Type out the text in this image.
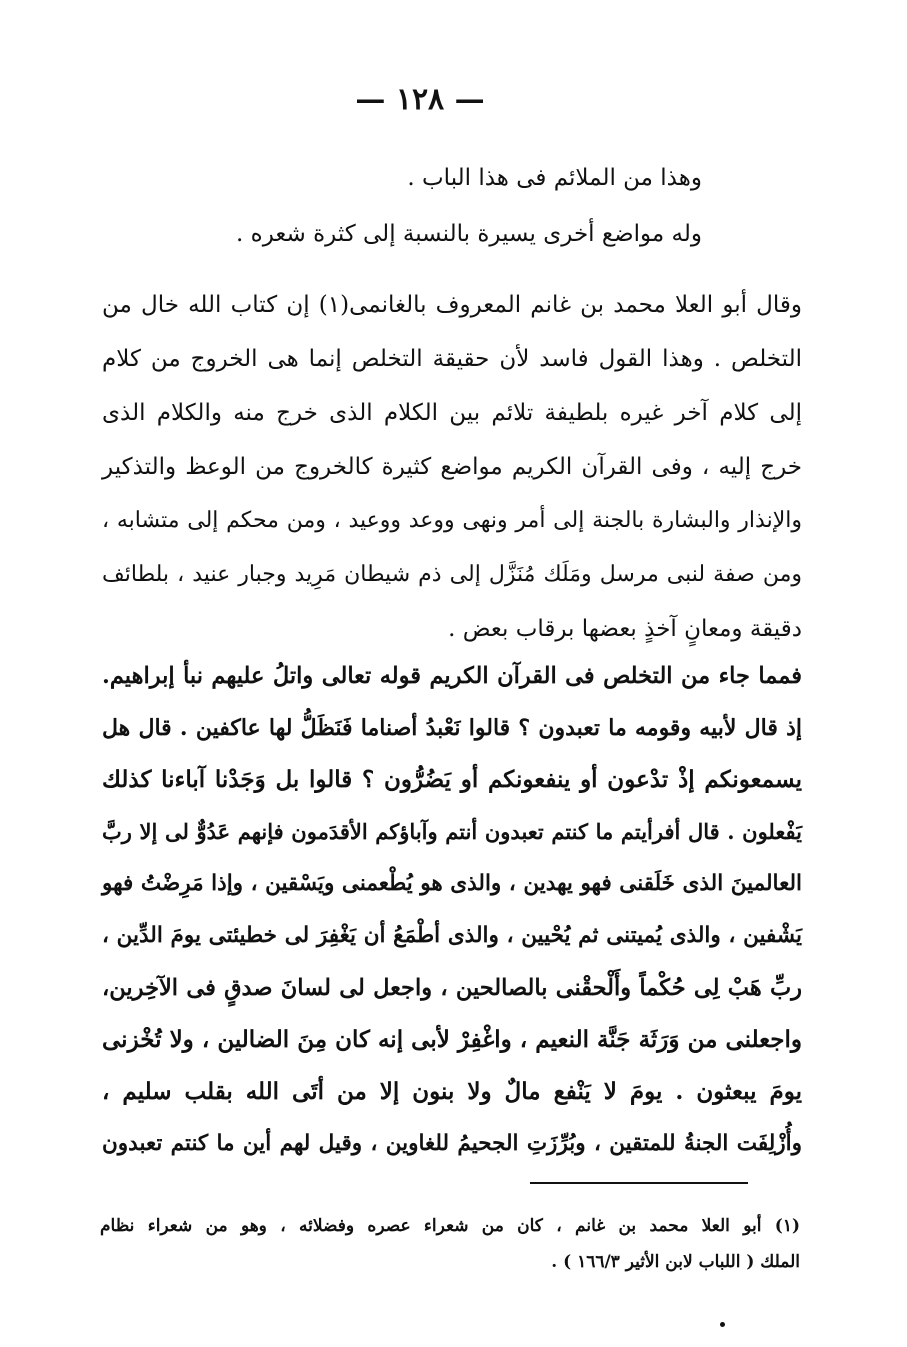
— ١٢٨ —
وهذا من الملائم فى هذا الباب .
وله مواضع أخرى يسيرة بالنسبة إلى كثرة شعره .
وقال أبو العلا محمد بن غانم المعروف بالغانمى(١) إن كتاب الله خال من
التخلص . وهذا القول فاسد لأن حقيقة التخلص إنما هى الخروج من كلام
إلى كلام آخر غيره بلطيفة تلائم بين الكلام الذى خرج منه والكلام الذى
خرج إليه ، وفى القرآن الكريم مواضع كثيرة كالخروج من الوعظ والتذكير
والإنذار والبشارة بالجنة إلى أمر ونهى ووعد ووعيد ، ومن محكم إلى متشابه ،
ومن صفة لنبى مرسل ومَلَك مُنَزَّل إلى ذم شيطان مَرِيد وجبار عنيد ، بلطائف
دقيقة ومعانٍ آخذٍ بعضها برقاب بعض .
فمما جاء من التخلص فى القرآن الكريم قوله تعالى واتلُ عليهم نبأ إبراهيم.
إذ قال لأبيه وقومه ما تعبدون ؟ قالوا نَعْبدُ أصناما فَنَظَلُّ لها عاكفين . قال هل
يسمعونكم إذْ تدْعون أو ينفعونكم أو يَضُرُّون ؟ قالوا بل وَجَدْنا آباءنا كذلك
يَفْعلون . قال أفرأيتم ما كنتم تعبدون أنتم وآباؤكم الأقدَمون فإنهم عَدُوٌّ لى إلا ربَّ
العالمينَ الذى خَلَقنى فهو يهدين ، والذى هو يُطْعمنى ويَسْقين ، وإذا مَرِضْتُ فهو
يَشْفين ، والذى يُميتنى ثم يُحْيين ، والذى أطْمَعُ أن يَغْفِرَ لى خطيئتى يومَ الدِّين ،
ربِّ هَبْ لِى حُكْماً وأَلْحقْنى بالصالحين ، واجعل لى لسانَ صدقٍ فى الآخِرين،
واجعلنى من وَرَثَة جَنَّة النعيم ، واغْفِرْ لأبى إنه كان مِنَ الضالين ، ولا تُخْزنى
يومَ يبعثون . يومَ لا يَنْفع مالٌ ولا بنون إلا من أتَى الله بقلب سليم ،
وأُزْلِفَت الجنةُ للمتقين ، وبُرِّزَتِ الجحيمُ للغاوين ، وقيل لهم أين ما كنتم تعبدون
(١) أبو العلا محمد بن غانم ، كان من شعراء عصره وفضلائه ، وهو من شعراء نظام
الملك ( اللباب لابن الأثير ١٦٦/٣ ) .
